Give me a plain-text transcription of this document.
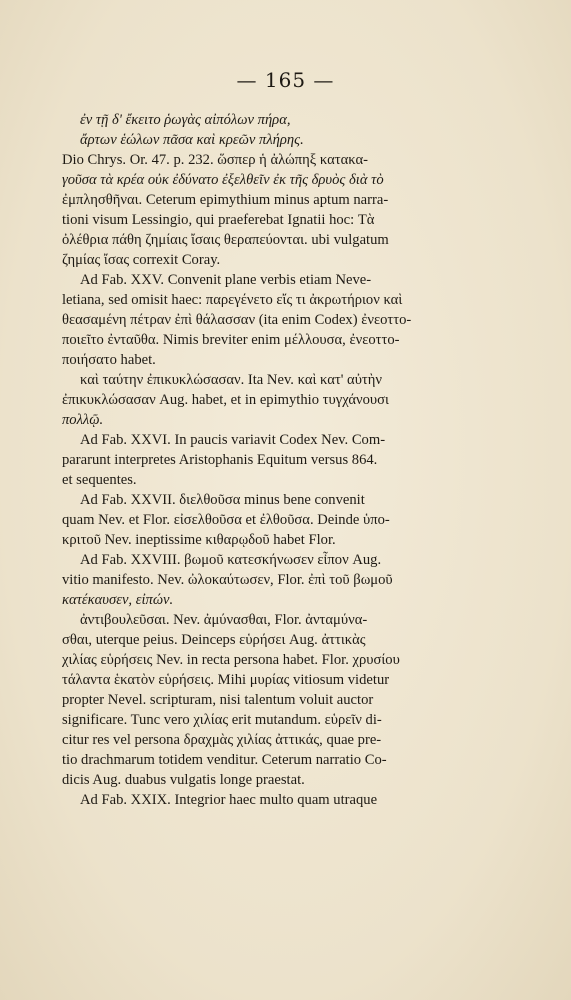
— 165 —
ἐν τῇ δ' ἔκειτο ῥωγὰς αἰπόλων πήρα,
ἄρτων ἑώλων πᾶσα καὶ κρεῶν πλήρης.
Dio Chrys. Or. 47. p. 232. ὥσπερ ἡ ἀλώπηξ κατακα-
γοῦσα τὰ κρέα οὐκ ἐδύνατο ἐξελθεῖν ἐκ τῆς δρυὸς διὰ τὸ
ἐμπλησθῆναι. Ceterum epimythium minus aptum narra-
tioni visum Lessingio, qui praeferebat Ignatii hoc: Τὰ
ὀλέθρια πάθη ζημίαις ἴσαις θεραπεύονται. ubi vulgatum
ζημίας ἴσας correxit Coray.
Ad Fab. XXV. Convenit plane verbis etiam Neve-
letiana, sed omisit haec: παρεγένετο εἴς τι ἀκρωτήριον καὶ
θεασαμένη πέτραν ἐπὶ θάλασσαν (ita enim Codex) ἐνεοττο-
ποιεῖτο ἐνταῦθα. Nimis breviter enim μέλλουσα, ἐνεοττο-
ποιήσατο habet.
καὶ ταύτην ἐπικυκλώσασαν. Ita Nev. καὶ κατ' αὐτὴν
ἐπικυκλώσασαν Aug. habet, et in epimythio τυγχάνουσι
πολλῷ.
Ad Fab. XXVI. In paucis variavit Codex Nev. Com-
pararunt interpretes Aristophanis Equitum versus 864.
et sequentes.
Ad Fab. XXVII. διελθοῦσα minus bene convenit
quam Nev. et Flor. εἰσελθοῦσα et ἐλθοῦσα. Deinde ὑπο-
κριτοῦ Nev. ineptissime κιθαρῳδοῦ habet Flor.
Ad Fab. XXVIII. βωμοῦ κατεσκήνωσεν εἶπον Aug.
vitio manifesto. Nev. ὠλοκαύτωσεν, Flor. ἐπὶ τοῦ βωμοῦ
κατέκαυσεν, εἰπών.
ἀντιβουλεῦσαι. Nev. ἀμύνασθαι, Flor. ἀνταμύνα-
σθαι, uterque peius. Deinceps εὑρήσει Aug. ἀττικὰς
χιλίας εὑρήσεις Nev. in recta persona habet. Flor. χρυσίου
τάλαντα ἑκατὸν εὑρήσεις. Mihi μυρίας vitiosum videtur
propter Nevel. scripturam, nisi talentum voluit auctor
significare. Tunc vero χιλίας erit mutandum. εὑρεῖν di-
citur res vel persona δραχμὰς χιλίας ἀττικάς, quae pre-
tio drachmarum totidem venditur. Ceterum narratio Co-
dicis Aug. duabus vulgatis longe praestat.
Ad Fab. XXIX. Integrior haec multo quam utraque
